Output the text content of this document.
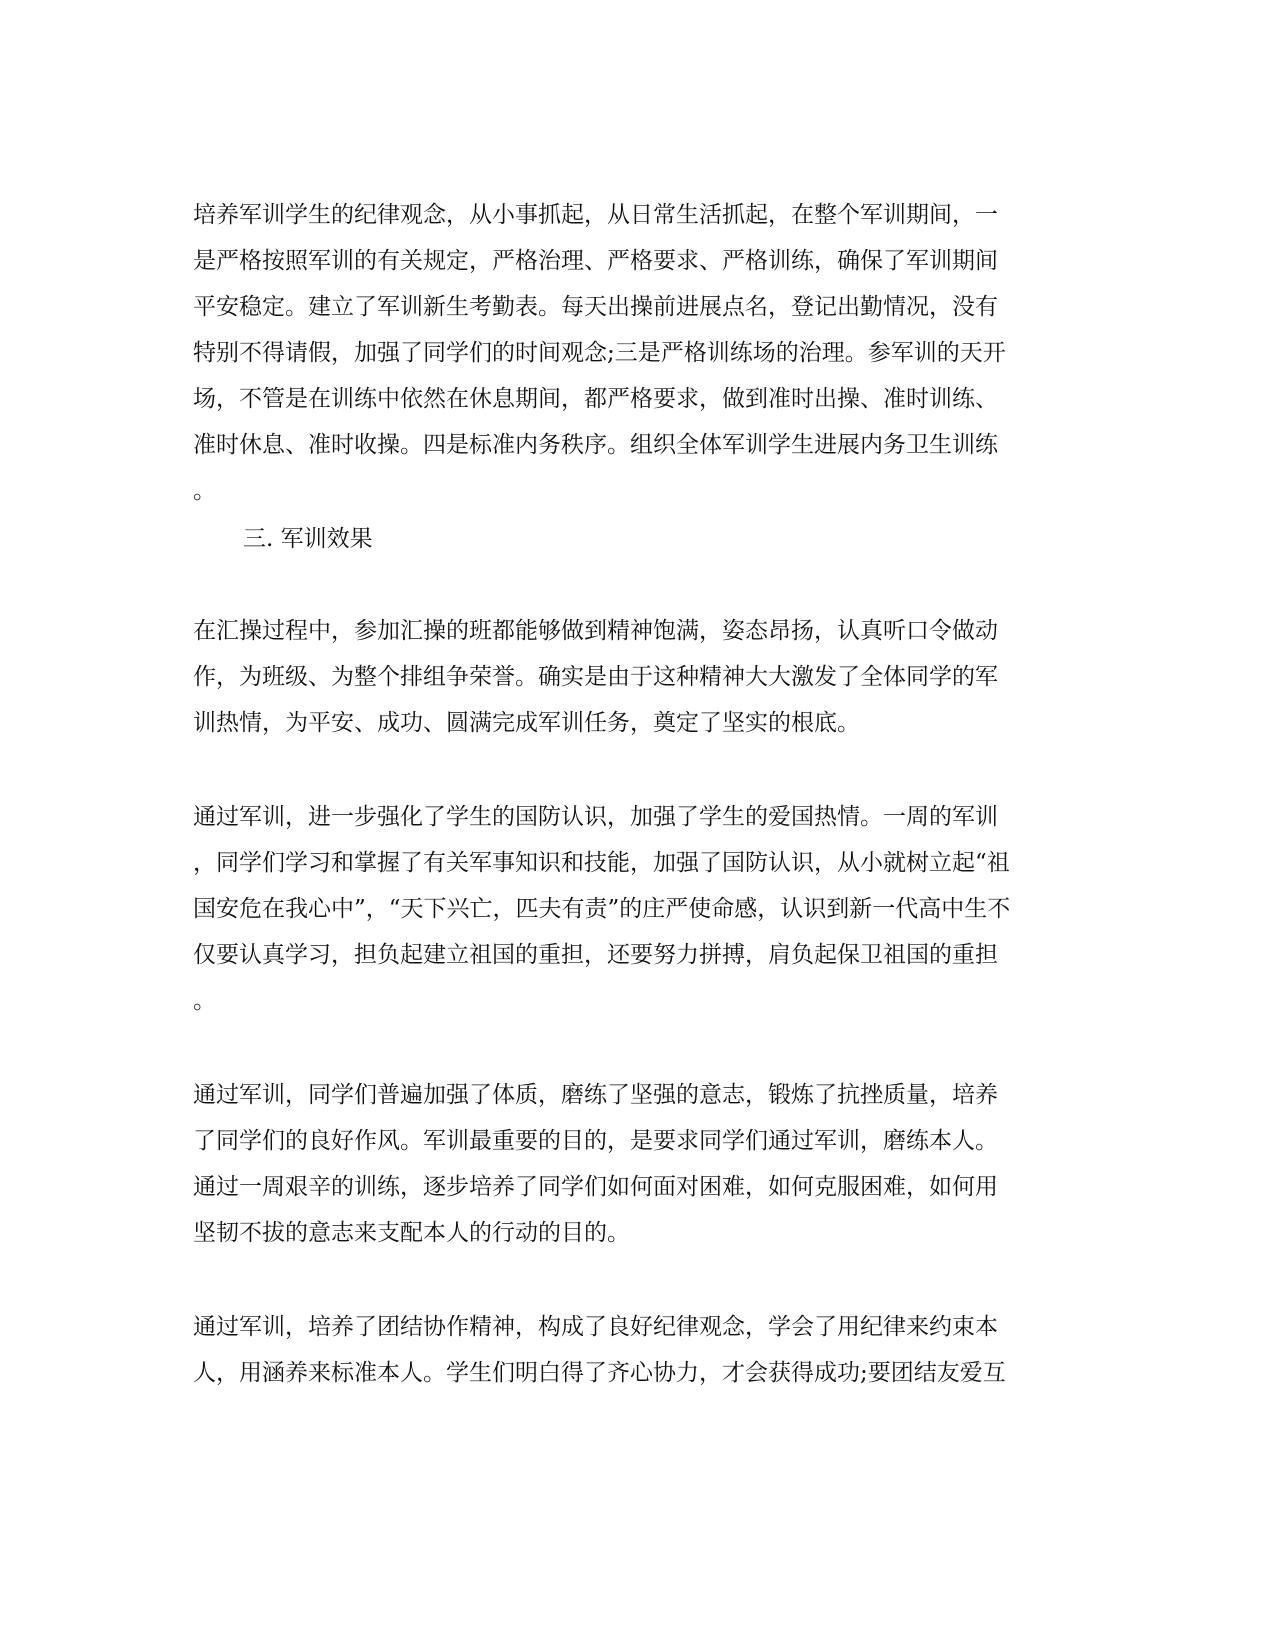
培养军训学生的纪律观念，从小事抓起，从日常生活抓起，在整个军训期间，一
是严格按照军训的有关规定，严格治理、严格要求、严格训练，确保了军训期间
平安稳定。建立了军训新生考勤表。每天出操前进展点名，登记出勤情况，没有
特别不得请假，加强了同学们的时间观念;三是严格训练场的治理。参军训的天开
场，不管是在训练中依然在休息期间，都严格要求，做到准时出操、准时训练、
准时休息、准时收操。四是标准内务秩序。组织全体军训学生进展内务卫生训练
。
三. 军训效果
在汇操过程中，参加汇操的班都能够做到精神饱满，姿态昂扬，认真听口令做动
作，为班级、为整个排组争荣誉。确实是由于这种精神大大激发了全体同学的军
训热情，为平安、成功、圆满完成军训任务，奠定了坚实的根底。
通过军训，进一步强化了学生的国防认识，加强了学生的爱国热情。一周的军训
，同学们学习和掌握了有关军事知识和技能，加强了国防认识，从小就树立起“祖
国安危在我心中”，“天下兴亡，匹夫有责”的庄严使命感，认识到新一代高中生不
仅要认真学习，担负起建立祖国的重担，还要努力拼搏，肩负起保卫祖国的重担
。
通过军训，同学们普遍加强了体质，磨练了坚强的意志，锻炼了抗挫质量，培养
了同学们的良好作风。军训最重要的目的，是要求同学们通过军训，磨练本人。
通过一周艰辛的训练，逐步培养了同学们如何面对困难，如何克服困难，如何用
坚韧不拔的意志来支配本人的行动的目的。
通过军训，培养了团结协作精神，构成了良好纪律观念，学会了用纪律来约束本
人，用涵养来标准本人。学生们明白得了齐心协力，才会获得成功;要团结友爱互
